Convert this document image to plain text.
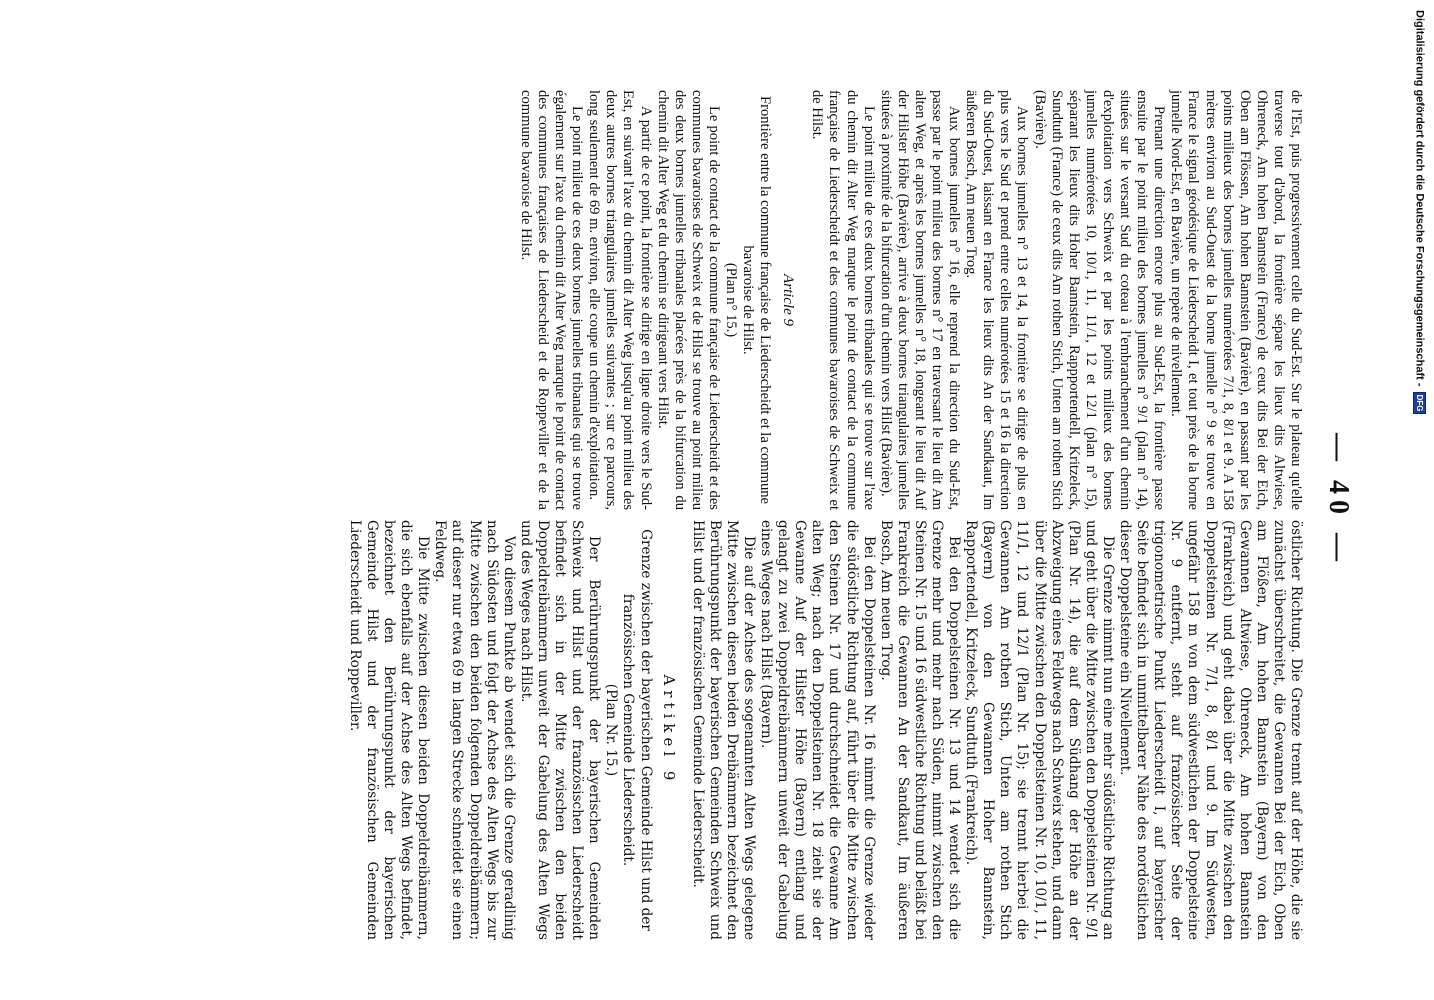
— 40 —

de l'Est, puis progressivement celle du Sud-Est. Sur le plateau qu'elle traverse tout d'abord, la frontière sépare les lieux dits Altwiese, Ohreneck, Am hohen Bannstein (France) de ceux dits Bei der Eich, Oben am Flössen, Am hohen Bannstein (Bavière), en passant par les points milieux des bornes jumelles numérotées 7/1, 8, 8/1 et 9. A 158 mètres environ au Sud-Ouest de la borne jumelle n° 9 se trouve en France le signal géodésique de Liederscheidt I, et tout près de la borne jumelle Nord-Est, en Bavière, un repère de nivellement.

Prenant une direction encore plus au Sud-Est, la frontière passe ensuite par le point milieu des bornes jumelles n° 9/1 (plan n° 14), situées sur le versant Sud du coteau à l'embranchement d'un chemin d'exploitation vers Schweix et par les points milieux des bornes jumelles numérotées 10, 10/1, 11, 11/1, 12 et 12/1 (plan n° 15), séparant les lieux dits Hoher Bannstein, Rappportendell, Kritzeleck, Sundtuth (France) de ceux dits Am rothen Stich, Unten am rothen Stich (Bavière).

Aux bornes jumelles n° 13 et 14, la frontière se dirige de plus en plus vers le Sud et prend entre celles numérotées 15 et 16 la direction du Sud-Ouest, laissant en France les lieux dits An der Sandkaut, Im äußeren Bosch, Am neuen Trog.

Aux bornes jumelles n° 16, elle reprend la direction du Sud-Est, passe par le point milieu des bornes n° 17 en traversant le lieu dit Am alten Weg, et après les bornes jumelles n° 18, longeant le lieu dit Auf der Hilster Höhe (Bavière), arrive à deux bornes triangulaires jumelles situées à proximité de la bifurcation d'un chemin vers Hilst (Bavière).

Le point milieu de ces deux bornes tribanales qui se trouve sur l'axe du chemin dit Alter Weg marque le point de contact de la commune française de Liederscheidt et des communes bavaroises de Schweix et de Hilst.

Article 9

Frontière entre la commune française de Liederscheidt et la commune bavaroise de Hilst.

(Plan n° 15.)

Le point de contact de la commune française de Liederscheidt et des communes bavaroises de Schweix et de Hilst se trouve au point milieu des deux bornes jumelles tribanales placées près de la bifurcation du chemin dit Alter Weg et du chemin se dirigeant vers Hilst.

A partir de ce point, la frontière se dirige en ligne droite vers le Sud-Est, en suivant l'axe du chemin dit Alter Weg jusqu'au point milieu des deux autres bornes triangulaires jumelles suivantes ; sur ce parcours, long seulement de 69 m. environ, elle coupe un chemin d'exploitation.

Le point milieu de ces deux bornes jumelles tribanales qui se trouve également sur l'axe du chemin dit Alter Weg marque le point de contact des communes françaises de Liederscheid et de Roppeviller et de la commune bavaroise de Hilst.

östlicher Richtung. Die Grenze trennt auf der Höhe, die sie zunächst überschreitet, die Gewannen Bei der Eich, Oben am Flößen, Am hohen Bannstein (Bayern) von den Gewannen Altwiese, Ohreneck, Am hohen Bannstein (Frankreich) und geht dabei über die Mitte zwischen den Doppelsteinen Nr. 7/1, 8, 8/1 und 9. Im Südwesten, ungefähr 158 m von dem südwestlichen der Doppelsteine Nr. 9 entfernt, steht auf französischer Seite der trigonometrische Punkt Liederscheidt I, auf bayerischer Seite befindet sich in unmittelbarer Nähe des nordöstlichen dieser Doppelsteine ein Nivellement.

Die Grenze nimmt nun eine mehr südöstliche Richtung an und geht über die Mitte zwischen den Doppelsteinen Nr. 9/1 (Plan Nr. 14), die auf dem Südhang der Höhe an der Abzweigung eines Feldwegs nach Schweix stehen, und dann über die Mitte zwischen den Doppelsteinen Nr. 10, 10/1, 11, 11/1, 12 und 12/1 (Plan Nr. 15); sie trennt hierbei die Gewannen Am rothen Stich, Unten am rothen Stich (Bayern) von den Gewannen Hoher Bannstein, Rapportendell, Kritzeleck, Sundtuth (Frankreich).

Bei den Doppelsteinen Nr. 13 und 14 wendet sich die Grenze mehr und mehr nach Süden, nimmt zwischen den Steinen Nr. 15 und 16 südwestliche Richtung und beläßt bei Frankreich die Gewannen An der Sandkaut, Im äußeren Bosch, Am neuen Trog.

Bei den Doppelsteinen Nr. 16 nimmt die Grenze wieder die südöstliche Richtung auf, führt über die Mitte zwischen den Steinen Nr. 17 und durchschneidet die Gewanne Am alten Weg; nach den Doppelsteinen Nr. 18 zieht sie der Gewanne Auf der Hilster Höhe (Bayern) entlang und gelangt zu zwei Doppeldreibämmern unweit der Gabelung eines Weges nach Hilst (Bayern).

Die auf der Achse des sogenannten Alten Wegs gelegene Mitte zwischen diesen beiden Dreibämmern bezeichnet den Berührungspunkt der bayerischen Gemeinden Schweix und Hilst und der französischen Gemeinde Liederscheidt.

Artikel 9

Grenze zwischen der bayerischen Gemeinde Hilst und der französischen Gemeinde Liederscheidt.

(Plan Nr. 15.)

Der Berührungspunkt der bayerischen Gemeinden Schweix und Hilst und der französischen Liederscheidt befindet sich in der Mitte zwischen den beiden Doppeldreibämmern unweit der Gabelung des Alten Wegs und des Weges nach Hilst.

Von diesem Punkte ab wendet sich die Grenze geradlinig nach Südosten und folgt der Achse des Alten Wegs bis zur Mitte zwischen den beiden folgenden Doppeldreibämmern; auf dieser nur etwa 69 m langen Strecke schneidet sie einen Feldweg.

Die Mitte zwischen diesen beiden Doppeldreibämmern, die sich ebenfalls auf der Achse des Alten Wegs befindet, bezeichnet den Berührungspunkt der bayerischen Gemeinde Hilst und der französischen Gemeinden Liederscheidt und Roppeviller.

Digitalisierung gefördert durch die Deutsche Forschungsgemeinschaft - DFG
